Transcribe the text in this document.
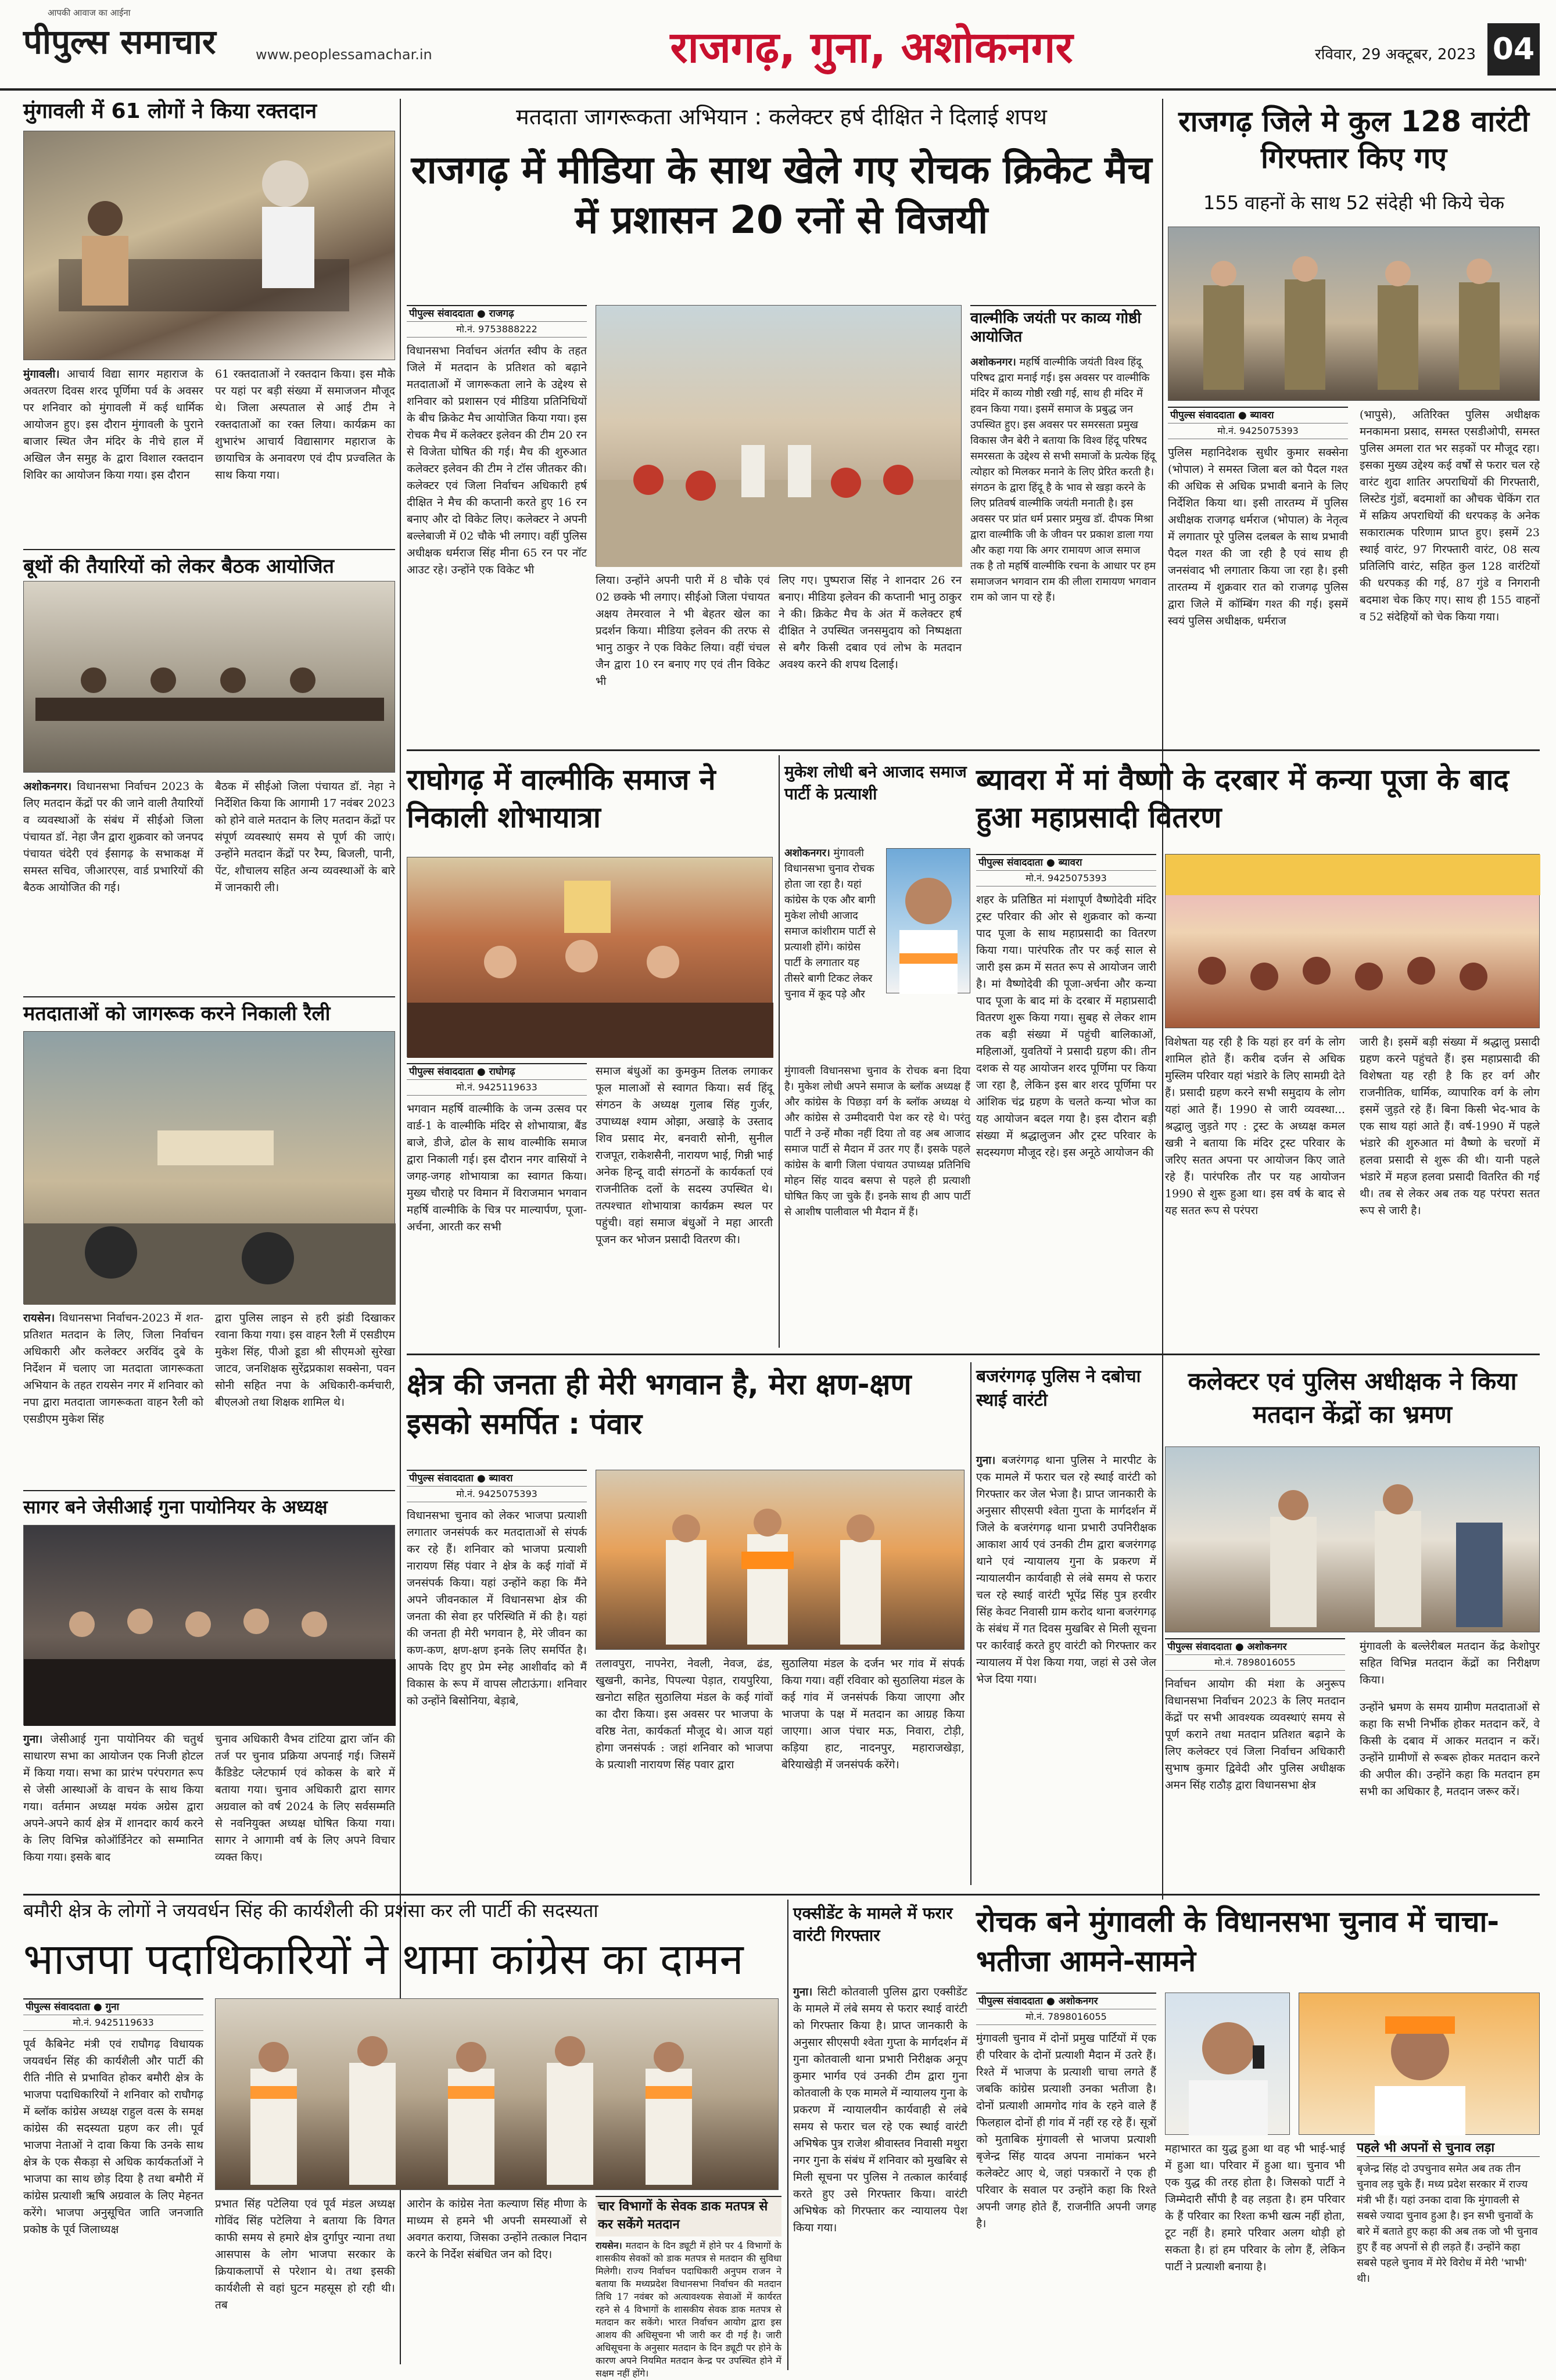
आपकी आवाज का आईना
पीपुल्स समाचार	www.peoplessamachar.in	राजगढ़, गुना, अशोकनगर	रविवार, 29 अक्टूबर, 2023 04
मुंगावली में 61 लोगों ने किया रक्तदान
मुंगावली। आचार्य विद्या सागर महाराज के अवतरण दिवस शरद पूर्णिमा पर्व के अवसर पर शनिवार को मुंगावली में कई धार्मिक आयोजन हुए। इस दौरान मुंगावली के पुराने बाजार स्थित जैन मंदिर के नीचे हाल में अखिल जैन समुह के द्वारा विशाल रक्तदान शिविर का आयोजन किया गया। इस दौरान
61 रक्तदाताओं ने रक्तदान किया। इस मौके पर यहां पर बड़ी संख्या में समाजजन मौजूद थे। जिला अस्पताल से आई टीम ने रक्तदाताओं का रक्त लिया। कार्यक्रम का शुभारंभ आचार्य विद्यासागर महाराज के छायाचित्र के अनावरण एवं दीप प्रज्वलित के साथ किया गया।
बूथों की तैयारियों को लेकर बैठक आयोजित
अशोकनगर। विधानसभा निर्वाचन 2023 के लिए मतदान केंद्रों पर की जाने वाली तैयारियों व व्यवस्थाओं के संबंध में सीईओ जिला पंचायत डॉ. नेहा जैन द्वारा शुक्रवार को जनपद पंचायत चंदेरी एवं ईसागढ़ के सभाकक्ष में समस्त सचिव, जीआरएस, वार्ड प्रभारियों की बैठक आयोजित की गई।
बैठक में सीईओ जिला पंचायत डॉ. नेहा ने निर्देशित किया कि आगामी 17 नवंबर 2023 को होने वाले मतदान के लिए मतदान केंद्रों पर संपूर्ण व्यवस्थाएं समय से पूर्ण की जाएं। उन्होंने मतदान केंद्रों पर रैम्प, बिजली, पानी, पेंट, शौचालय सहित अन्य व्यवस्थाओं के बारे में जानकारी ली।
मतदाताओं को जागरूक करने निकाली रैली
रायसेन। विधानसभा निर्वाचन-2023 में शत-प्रतिशत मतदान के लिए, जिला निर्वाचन अधिकारी और कलेक्टर अरविंद दुबे के निर्देशन में चलाए जा मतदाता जागरूकता अभियान के तहत रायसेन नगर में शनिवार को नपा द्वारा मतदाता जागरूकता वाहन रैली को एसडीएम मुकेश सिंह
द्वारा पुलिस लाइन से हरी झंडी दिखाकर रवाना किया गया। इस वाहन रैली में एसडीएम मुकेश सिंह, पीओ डूडा श्री सीएमओ सुरेखा जाटव, जनशिक्षक सुरेंद्रप्रकाश सक्सेना, पवन सोनी सहित नपा के अधिकारी-कर्मचारी, बीएलओ तथा शिक्षक शामिल थे।
सागर बने जेसीआई गुना पायोनियर के अध्यक्ष
गुना। जेसीआई गुना पायोनियर की चतुर्थ साधारण सभा का आयोजन एक निजी होटल में किया गया। सभा का प्रारंभ परंपरागत रूप से जेसी आस्थाओं के वाचन के साथ किया गया। वर्तमान अध्यक्ष मयंक अग्रेस द्वारा अपने-अपने कार्य क्षेत्र में शानदार कार्य करने के लिए विभिन्न कोऑर्डिनेटर को सम्मानित किया गया। इसके बाद
चुनाव अधिकारी वैभव टांटिया द्वारा जॉन की तर्ज पर चुनाव प्रक्रिया अपनाई गई। जिसमें कैंडिडेट प्लेटफार्म एवं कोकस के बारे में बताया गया। चुनाव अधिकारी द्वारा सागर अग्रवाल को वर्ष 2024 के लिए सर्वसम्मति से नवनियुक्त अध्यक्ष घोषित किया गया। सागर ने आगामी वर्ष के लिए अपने विचार व्यक्त किए।
मतदाता जागरूकता अभियान : कलेक्टर हर्ष दीक्षित ने दिलाई शपथ
राजगढ़ में मीडिया के साथ खेले गए रोचक क्रिकेट मैच में प्रशासन 20 रनों से विजयी
पीपुल्स संवाददाता ● राजगढ़
मो.नं. 9753888222
विधानसभा निर्वाचन अंतर्गत स्वीप के तहत जिले में मतदान के प्रतिशत को बढ़ाने मतदाताओं में जागरूकता लाने के उद्देश्य से शनिवार को प्रशासन एवं मीडिया प्रतिनिधियों के बीच क्रिकेट मैच आयोजित किया गया। इस रोचक मैच में कलेक्टर इलेवन की टीम 20 रन से विजेता घोषित की गई। मैच की शुरुआत कलेक्टर इलेवन की टीम ने टॉस जीतकर की। कलेक्टर एवं जिला निर्वाचन अधिकारी हर्ष दीक्षित ने मैच की कप्तानी करते हुए 16 रन बनाए और दो विकेट लिए। कलेक्टर ने अपनी बल्लेबाजी में 02 चौके भी लगाए। वहीं पुलिस अधीक्षक धर्मराज सिंह मीना 65 रन पर नॉट आउट रहे। उन्होंने एक विकेट भी
लिया। उन्होंने अपनी पारी में 8 चौके एवं 02 छक्के भी लगाए। सीईओ जिला पंचायत अक्षय तेमरवाल ने भी बेहतर खेल का प्रदर्शन किया। मीडिया इलेवन की तरफ से भानु ठाकुर ने एक विकेट लिया। वहीं चंचल जैन द्वारा 10 रन बनाए गए एवं तीन विकेट भी
लिए गए। पुष्पराज सिंह ने शानदार 26 रन बनाए। मीडिया इलेवन की कप्तानी भानु ठाकुर ने की। क्रिकेट मैच के अंत में कलेक्टर हर्ष दीक्षित ने उपस्थित जनसमुदाय को निष्पक्षता से बगैर किसी दबाव एवं लोभ के मतदान अवश्य करने की शपथ दिलाई।
वाल्मीकि जयंती पर काव्य गोष्ठी आयोजित
अशोकनगर। महर्षि वाल्मीकि जयंती विश्व हिंदू परिषद द्वारा मनाई गई। इस अवसर पर वाल्मीकि मंदिर में काव्य गोष्ठी रखी गई, साथ ही मंदिर में हवन किया गया। इसमें समाज के प्रबुद्ध जन उपस्थित हुए। इस अवसर पर समरसता प्रमुख विकास जैन बेरी ने बताया कि विश्व हिंदू परिषद समरसता के उद्देश्य से सभी समाजों के प्रत्येक हिंदू त्योहार को मिलकर मनाने के लिए प्रेरित करती है। संगठन के द्वारा हिंदू है के भाव से खड़ा करने के लिए प्रतिवर्ष वाल्मीकि जयंती मनाती है। इस अवसर पर प्रांत धर्म प्रसार प्रमुख डॉ. दीपक मिश्रा द्वारा वाल्मीकि जी के जीवन पर प्रकाश डाला गया और कहा गया कि अगर रामायण आज समाज तक है तो महर्षि वाल्मीकि रचना के आधार पर हम समाजजन भगवान राम की लीला रामायण भगवान राम को जान पा रहे हैं।
राजगढ़ जिले मे कुल 128 वारंटी गिरफ्तार किए गए
155 वाहनों के साथ 52 संदेही भी किये चेक
पीपुल्स संवाददाता ● ब्यावरा
मो.नं. 9425075393
पुलिस महानिदेशक सुधीर कुमार सक्सेना (भोपाल) ने समस्त जिला बल को पैदल गश्त की अधिक से अधिक प्रभावी बनाने के लिए निर्देशित किया था। इसी तारतम्य में पुलिस अधीक्षक राजगढ़ धर्मराज (भोपाल) के नेतृत्व में लगातार पूरे पुलिस दलबल के साथ प्रभावी पैदल गश्त की जा रही है एवं साथ ही जनसंवाद भी लगातार किया जा रहा है। इसी तारतम्य में शुक्रवार रात को राजगढ़ पुलिस द्वारा जिले में कॉम्बिंग गश्त की गई। इसमें स्वयं पुलिस अधीक्षक, धर्मराज
(भापुसे), अतिरिक्त पुलिस अधीक्षक मनकामना प्रसाद, समस्त एसडीओपी, समस्त पुलिस अमला रात भर सड़कों पर मौजूद रहा। इसका मुख्य उद्देश्य कई वर्षों से फरार चल रहे वारंट शुदा शातिर अपराधियों की गिरफ्तारी, लिस्टेड गुंडों, बदमाशों का औचक चेकिंग रात में सक्रिय अपराधियों की धरपकड़ के अनेक सकारात्मक परिणाम प्राप्त हुए। इसमें 23 स्थाई वारंट, 97 गिरफ्तारी वारंट, 08 सत्य प्रतिलिपि वारंट, सहित कुल 128 वारंटियों की धरपकड़ की गई, 87 गुंडे व निगरानी बदमाश चेक किए गए। साथ ही 155 वाहनों व 52 संदेहियों को चेक किया गया।
राघोगढ़ में वाल्मीकि समाज ने निकाली शोभायात्रा
पीपुल्स संवाददाता ● राघोगढ़
मो.नं. 9425119633
भगवान महर्षि वाल्मीकि के जन्म उत्सव पर वार्ड-1 के वाल्मीकि मंदिर से शोभायात्रा, बैंड बाजे, डीजे, ढोल के साथ वाल्मीकि समाज द्वारा निकाली गई। इस दौरान नगर वासियों ने जगह-जगह शोभायात्रा का स्वागत किया। मुख्य चौराहे पर विमान में विराजमान भगवान महर्षि वाल्मीकि के चित्र पर माल्यार्पण, पूजा-अर्चना, आरती कर सभी
समाज बंधुओं का कुमकुम तिलक लगाकर फूल मालाओं से स्वागत किया। सर्व हिंदू संगठन के अध्यक्ष गुलाब सिंह गुर्जर, उपाध्यक्ष श्याम ओझा, अखाड़े के उस्ताद शिव प्रसाद मेर, बनवारी सोनी, सुनील राजपूत, राकेशसैनी, नारायण भाई, गिन्नी भाई अनेक हिन्दू वादी संगठनों के कार्यकर्ता एवं राजनीतिक दलों के सदस्य उपस्थित थे। तत्पश्चात शोभायात्रा कार्यक्रम स्थल पर पहुंची। वहां समाज बंधुओं ने महा आरती पूजन कर भोजन प्रसादी वितरण की।
मुकेश लोधी बने आजाद समाज पार्टी के प्रत्याशी
अशोकनगर। मुंगावली विधानसभा चुनाव रोचक होता जा रहा है। यहां कांग्रेस के एक और बागी मुकेश लोधी आजाद समाज कांशीराम पार्टी से प्रत्याशी होंगे। कांग्रेस पार्टी के लगातार यह तीसरे बागी टिकट लेकर चुनाव में कूद पड़े और
मुंगावली विधानसभा चुनाव के रोचक बना दिया है। मुकेश लोधी अपने समाज के ब्लॉक अध्यक्ष हैं और कांग्रेस के पिछड़ा वर्ग के ब्लॉक अध्यक्ष थे और कांग्रेस से उम्मीदवारी पेश कर रहे थे। परंतु पार्टी ने उन्हें मौका नहीं दिया तो वह अब आजाद समाज पार्टी से मैदान में उतर गए हैं। इसके पहले कांग्रेस के बागी जिला पंचायत उपाध्यक्ष प्रतिनिधि मोहन सिंह यादव बसपा से पहले ही प्रत्याशी घोषित किए जा चुके हैं। इनके साथ ही आप पार्टी से आशीष पालीवाल भी मैदान में हैं।
ब्यावरा में मां वैष्णो के दरबार में कन्या पूजा के बाद हुआ महाप्रसादी वितरण
पीपुल्स संवाददाता ● ब्यावरा
मो.नं. 9425075393
शहर के प्रतिष्ठित मां मंशापूर्ण वैष्णोदेवी मंदिर ट्रस्ट परिवार की ओर से शुक्रवार को कन्या पाद पूजा के साथ महाप्रसादी का वितरण किया गया। पारंपरिक तौर पर कई साल से जारी इस क्रम में सतत रूप से आयोजन जारी है। मां वैष्णोदेवी की पूजा-अर्चना और कन्या पाद पूजा के बाद मां के दरबार में महाप्रसादी वितरण शुरू किया गया। सुबह से लेकर शाम तक बड़ी संख्या में पहुंची बालिकाओं, महिलाओं, युवतियों ने प्रसादी ग्रहण की। तीन दशक से यह आयोजन शरद पूर्णिमा पर किया जा रहा है, लेकिन इस बार शरद पूर्णिमा पर आंशिक चंद्र ग्रहण के चलते कन्या भोज का यह आयोजन बदल गया है। इस दौरान बड़ी संख्या में श्रद्धालुजन और ट्रस्ट परिवार के सदस्यगण मौजूद रहे। इस अनूठे आयोजन की
विशेषता यह रही है कि यहां हर वर्ग के लोग शामिल होते हैं। करीब दर्जन से अधिक मुस्लिम परिवार यहां भंडारे के लिए सामग्री देते हैं। प्रसादी ग्रहण करने सभी समुदाय के लोग यहां आते हैं। 1990 से जारी व्यवस्था... श्रद्धालु जुड़ते गए : ट्रस्ट के अध्यक्ष कमल खत्री ने बताया कि मंदिर ट्रस्ट परिवार के जरिए सतत अपना पर आयोजन किए जाते रहे हैं। पारंपरिक तौर पर यह आयोजन 1990 से शुरू हुआ था। इस वर्ष के बाद से यह सतत रूप से परंपरा
जारी है। इसमें बड़ी संख्या में श्रद्धालु प्रसादी ग्रहण करने पहुंचते हैं। इस महाप्रसादी की विशेषता यह रही है कि हर वर्ग और राजनीतिक, धार्मिक, व्यापारिक वर्ग के लोग इसमें जुड़ते रहे हैं। बिना किसी भेद-भाव के एक साथ यहां आते हैं। वर्ष-1990 में पहले भंडारे की शुरुआत मां वैष्णो के चरणों में हलवा प्रसादी से शुरू की थी। यानी पहले भंडारे में महज हलवा प्रसादी वितरित की गई थी। तब से लेकर अब तक यह परंपरा सतत रूप से जारी है।
क्षेत्र की जनता ही मेरी भगवान है, मेरा क्षण-क्षण इसको समर्पित : पंवार
पीपुल्स संवाददाता ● ब्यावरा
मो.नं. 9425075393
विधानसभा चुनाव को लेकर भाजपा प्रत्याशी लगातार जनसंपर्क कर मतदाताओं से संपर्क कर रहे हैं। शनिवार को भाजपा प्रत्याशी नारायण सिंह पंवार ने क्षेत्र के कई गांवों में जनसंपर्क किया। यहां उन्होंने कहा कि मैंने अपने जीवनकाल में विधानसभा क्षेत्र की जनता की सेवा हर परिस्थिति में की है। यहां की जनता ही मेरी भगवान है, मेरे जीवन का कण-कण, क्षण-क्षण इनके लिए समर्पित है। आपके दिए हुए प्रेम स्नेह आशीर्वाद को मैं विकास के रूप में वापस लौटाऊंगा। शनिवार को उन्होंने बिसोनिया, बेड़ाबे,
तलावपुरा, नापनेरा, नेवली, नेवज, ढंड, खुखनी, कानेड, पिपल्या पेड़ात, रायपुरिया, खनोटा सहित सुठालिया मंडल के कई गांवों का दौरा किया। इस अवसर पर भाजपा के वरिष्ठ नेता, कार्यकर्ता मौजूद थे। आज यहां होगा जनसंपर्क : जहां शनिवार को भाजपा के प्रत्याशी नारायण सिंह पवार द्वारा
सुठालिया मंडल के दर्जन भर गांव में संपर्क किया गया। वहीं रविवार को सुठालिया मंडल के कई गांव में जनसंपर्क किया जाएगा और भाजपा के पक्ष में मतदान का आग्रह किया जाएगा। आज पंचार मऊ, निवारा, टोड़ी, कड़िया हाट, नादनपुर, महाराजखेड़ा, बेरियाखेड़ी में जनसंपर्क करेंगे।
बजरंगगढ़ पुलिस ने दबोचा स्थाई वारंटी
गुना। बजरंगगढ़ थाना पुलिस ने मारपीट के एक मामले में फरार चल रहे स्थाई वारंटी को गिरफ्तार कर जेल भेजा है। प्राप्त जानकारी के अनुसार सीएसपी श्वेता गुप्ता के मार्गदर्शन में जिले के बजरंगगढ़ थाना प्रभारी उपनिरीक्षक आकाश आर्य एवं उनकी टीम द्वारा बजरंगगढ़ थाने एवं न्यायालय गुना के प्रकरण में न्यायालयीन कार्यवाही से लंबे समय से फरार चल रहे स्थाई वारंटी भूपेंद्र सिंह पुत्र हरवीर सिंह केवट निवासी ग्राम करोद थाना बजरंगगढ़ के संबंध में गत दिवस मुखबिर से मिली सूचना पर कार्रवाई करते हुए वारंटी को गिरफ्तार कर न्यायालय में पेश किया गया, जहां से उसे जेल भेज दिया गया।
कलेक्टर एवं पुलिस अधीक्षक ने किया मतदान केंद्रों का भ्रमण
पीपुल्स संवाददाता ● अशोकनगर
मो.नं. 7898016055
मुंगावली के बल्लेरीबल मतदान केंद्र केशोपुर सहित विभिन्न मतदान केंद्रों का निरीक्षण किया।
निर्वाचन आयोग की मंशा के अनुरूप विधानसभा निर्वाचन 2023 के लिए मतदान केंद्रों पर सभी आवश्यक व्यवस्थाएं समय से पूर्ण कराने तथा मतदान प्रतिशत बढ़ाने के लिए कलेक्टर एवं जिला निर्वाचन अधिकारी सुभाष कुमार द्विवेदी और पुलिस अधीक्षक अमन सिंह राठौड़ द्वारा विधानसभा क्षेत्र
उन्होंने भ्रमण के समय ग्रामीण मतदाताओं से कहा कि सभी निर्भीक होकर मतदान करें, वे किसी के दबाव में आकर मतदान न करें। उन्होंने ग्रामीणों से रूबरू होकर मतदान करने की अपील की। उन्होंने कहा कि मतदान हम सभी का अधिकार है, मतदान जरूर करें।
बमौरी क्षेत्र के लोगों ने जयवर्धन सिंह की कार्यशैली की प्रशंसा कर ली पार्टी की सदस्यता
भाजपा पदाधिकारियों ने थामा कांग्रेस का दामन
पीपुल्स संवाददाता ● गुना
मो.नं. 9425119633
पूर्व कैबिनेट मंत्री एवं राघौगढ़ विधायक जयवर्धन सिंह की कार्यशैली और पार्टी की रीति नीति से प्रभावित होकर बमौरी क्षेत्र के भाजपा पदाधिकारियों ने शनिवार को राघौगढ़ में ब्लॉक कांग्रेस अध्यक्ष राहुल वत्स के समक्ष कांग्रेस की सदस्यता ग्रहण कर ली। पूर्व भाजपा नेताओं ने दावा किया कि उनके साथ क्षेत्र के एक सैकड़ा से अधिक कार्यकर्ताओं ने भाजपा का साथ छोड़ दिया है तथा बमौरी में कांग्रेस प्रत्याशी ऋषि अग्रवाल के लिए मेहनत करेंगे। भाजपा अनुसूचित जाति जनजाति प्रकोष्ठ के पूर्व जिलाध्यक्ष
प्रभात सिंह पटेलिया एवं पूर्व मंडल अध्यक्ष गोविंद सिंह पटेलिया ने बताया कि विगत काफी समय से हमारे क्षेत्र दुर्गापुर न्याना तथा आसपास के लोग भाजपा सरकार के क्रियाकलापों से परेशान थे। तथा इसकी कार्यशैली से वहां घुटन महसूस हो रही थी। तब
आरोन के कांग्रेस नेता कल्याण सिंह मीणा के माध्यम से हमने भी अपनी समस्याओं से अवगत कराया, जिसका उन्होंने तत्काल निदान करने के निर्देश संबंधित जन को दिए।
चार विभागों के सेवक डाक मतपत्र से कर सकेंगे मतदान
रायसेन। मतदान के दिन ड्यूटी में होने पर 4 विभागों के शासकीय सेवकों को डाक मतपत्र से मतदान की सुविधा मिलेगी। राज्य निर्वाचन पदाधिकारी अनुपम राजन ने बताया कि मध्यप्रदेश विधानसभा निर्वाचन की मतदान तिथि 17 नवंबर को अत्यावश्यक सेवाओं में कार्यरत रहने से 4 विभागों के शासकीय सेवक डाक मतपत्र से मतदान कर सकेंगे। भारत निर्वाचन आयोग द्वारा इस आशय की अधिसूचना भी जारी कर दी गई है। जारी अधिसूचना के अनुसार मतदान के दिन ड्यूटी पर होने के कारण अपने नियमित मतदान केन्द्र पर उपस्थित होने में सक्षम नहीं होंगे।
एक्सीडेंट के मामले में फरार वारंटी गिरफ्तार
गुना। सिटी कोतवाली पुलिस द्वारा एक्सीडेंट के मामले में लंबे समय से फरार स्थाई वारंटी को गिरफ्तार किया है। प्राप्त जानकारी के अनुसार सीएसपी श्वेता गुप्ता के मार्गदर्शन में गुना कोतवाली थाना प्रभारी निरीक्षक अनूप कुमार भार्गव एवं उनकी टीम द्वारा गुना कोतवाली के एक मामले में न्यायालय गुना के प्रकरण में न्यायालयीन कार्यवाही से लंबे समय से फरार चल रहे एक स्थाई वारंटी अभिषेक पुत्र राजेश श्रीवास्तव निवासी मथुरा नगर गुना के संबंध में शनिवार को मुखबिर से मिली सूचना पर पुलिस ने तत्काल कार्रवाई करते हुए उसे गिरफ्तार किया। वारंटी अभिषेक को गिरफ्तार कर न्यायालय पेश किया गया।
रोचक बने मुंगावली के विधानसभा चुनाव में चाचा-भतीजा आमने-सामने
पीपुल्स संवाददाता ● अशोकनगर
मो.नं. 7898016055
मुंगावली चुनाव में दोनों प्रमुख पार्टियों में एक ही परिवार के दोनों प्रत्याशी मैदान में उतरे हैं। रिश्ते में भाजपा के प्रत्याशी चाचा लगते हैं जबकि कांग्रेस प्रत्याशी उनका भतीजा है। दोनों प्रत्याशी आमगोद गांव के रहने वाले हैं फिलहाल दोनों ही गांव में नहीं रह रहे हैं। सूत्रों को मुताबिक मुंगावली से भाजपा प्रत्याशी बृजेन्द्र सिंह यादव अपना नामांकन भरने कलेक्टेट आए थे, जहां पत्रकारों ने एक ही परिवार के सवाल पर उन्होंने कहा कि रिश्ते अपनी जगह होते हैं, राजनीति अपनी जगह है।
महाभारत का युद्ध हुआ था वह भी भाई-भाई में हुआ था। परिवार में हुआ था। चुनाव भी एक युद्ध की तरह होता है। जिसको पार्टी ने जिम्मेदारी सौंपी है वह लड़ता है। हम परिवार के हैं परिवार का रिश्ता कभी खत्म नहीं होता, टूट नहीं है। हमारे परिवार अलग थोड़ी हो सकता है। हां हम परिवार के लोग हैं, लेकिन पार्टी ने प्रत्याशी बनाया है।
पहले भी अपनों से चुनाव लड़ा
बृजेन्द्र सिंह दो उपचुनाव समेत अब तक तीन चुनाव लड़ चुके हैं। मध्य प्रदेश सरकार में राज्य मंत्री भी हैं। यहां उनका दावा कि मुंगावली से सबसे ज्यादा चुनाव हुआ है। इन सभी चुनावों के बारे में बताते हुए कहा की अब तक जो भी चुनाव हुए हैं वह अपनों से ही लड़ते हैं। उन्होंने कहा सबसे पहले चुनाव में मेरे विरोध में मेरी 'भाभी' थी।
